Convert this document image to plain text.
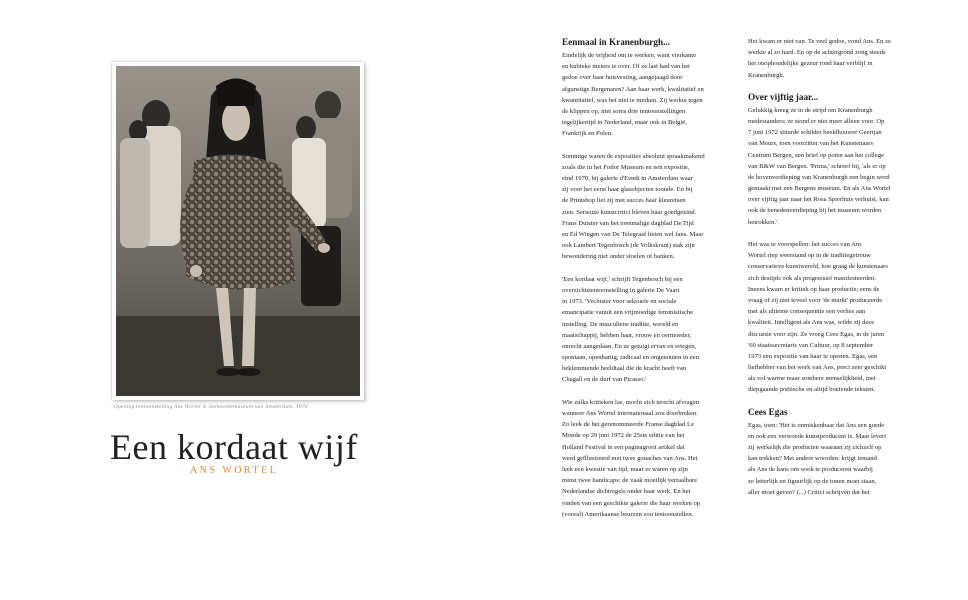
Opening tentoonstelling Ans Wortel © Gemeentemuseum van Amsterdam, 1970
Een kordaat wijf
ANS WORTEL
Eenmaal in Kranenburgh...
Eindelijk de vrijheid om te werken, want vierkante
en kubieke meters te over. Of ze last had van het
gedoe over haar huisvesting, aangejaagd door
afgunstige Bergenaren? Aan haar werk, kwalitatief en
kwantitatief, was het niet te merken. Zij werkte tegen
de klippen op, met soms drie tentoonstellingen
tegelijkertijd in Nederland, maar ook in België,
Frankrijk en Polen.
Sommige waren de exposities absoluut spraakmakend
zoals die in het Fodor Museum en een expositie,
eind 1970, bij galerie d'Eendt in Amsterdam waar
zij voor het eerst haar glasobjecten toonde. En bij
de Printshop liet zij met succes haar kleuretsen
zien. Serieuze kunstcritici bleven haar goedgezind.
Frans Duister van het toenmalige dagblad De Tijd
en Ed Wingen van De Telegraaf lieten wel fans. Maar
ook Lambert Tegenbosch (de Volkskrant) stak zijn
bewondering niet onder stoelen of banken.
'Een kordaat wijf,' schrijft Tegenbosch bij een
overzichtstentoonstelling in galerie De Vaart
in 1973. 'Vechtster voor seksuele en sociale
emancipatie vanuit een vrijmoedige feministische
instelling. De masculiene traditie, wereld en
maatschappij, hebben haar, vrouw en oermoeder,
onrecht aangedaan. En ze getuigt ervan en ertegen,
spontaan, openhartig, radicaal en ongenouten in een
beklemmende beeldtaal die de kracht heeft van
Chagall en de durf van Picasso.'
Wie zulks kritieken las, mocht zich terecht afvragen
wanneer Ans Wortel internationaal zou doorbreken.
Zo leek de het gerenommeerde Franse dagblad Le
Monde op 29 juni 1972 de 25ste editie van het
Holland Festival in een paginagroot artikel dat
werd geïllustreerd met twee gouaches van Ans. Het
leek een kwestie van tijd, maar er waren op zijn
minst twee handicaps: de vaak moeilijk vertaalbare
Nederlandse dichtregels onder haar werk. En het
vinden van een geschikte galerie die haar werken op
(vooral) Amerikaanse beurzen zou tentoonstellen.
Het kwam er niet van. Te veel gedoe, vond Ans. En ze
werkte al zo hard. En op de achtergrond zong steeds
het onophoudelijke gezeur rond haar verblijf in
Kranenburgh.
Over vijftig jaar...
Gelukkig kreeg ze in de strijd om Kranenburgh
medestanders; ze stond er niet meer alleen voor. Op
7 juni 1972 stuurde schilder beeldhouwer Geertjan
van Meurs, toen voorzitter van het Kunstenaars
Centrum Bergen, een brief op poten aan het college
van B&W van Bergen. 'Prima,' schreef hij, 'als er op
de bovenverdieping van Kranenburgh een begin werd
gemaakt met een Bergens museum. En als Ans Wortel
over vijftig jaar naar het Rosa Spierhuis verhuist, kan
ook de benedenverdieping bij het museum worden
betrokken.'
Het was te voorspellen: het succes van Ans
Wortel riep weerstand op in de traditiegetrouw
conservatieve kunstwereld, hoe graag de kunstenaars
zich destijds ook als progressief manifesteerden.
Ineens kwam er kritiek op haar productie; eens de
vraag of zij niet teveel voor 'de markt' produceerde
met als ultieme consequentie een verlies aan
kwaliteit. Intelligent als Ans was, wilde zij deze
discussie voor zijn. Ze vroeg Cees Egas, in de jaren
'60 staatssecretaris van Cultuur, op 8 september
1973 een expositie van haar te openen. Egas, een
liefhebber van het werk van Ans, preci zeer geschikt
als vol warme maar sombere menselijkheid, met
diepgaande poëtische en altijd boeiende teksten.
Cees Egas
Egas, toen: 'Het is onmiskenbaar dat Ans een goede
en ook een verwoede kunstproducent is. Maar levert
zij werkelijk die producten waaraan zij zichzelf op
kan trekken? Met andere woorden: krijgt iemand
als Ans de kans om werk te produceren waarbij
ze letterlijk en figuurlijk op de tonen moet staan,
aller moet geven? (...) Critici schrijven dat het
